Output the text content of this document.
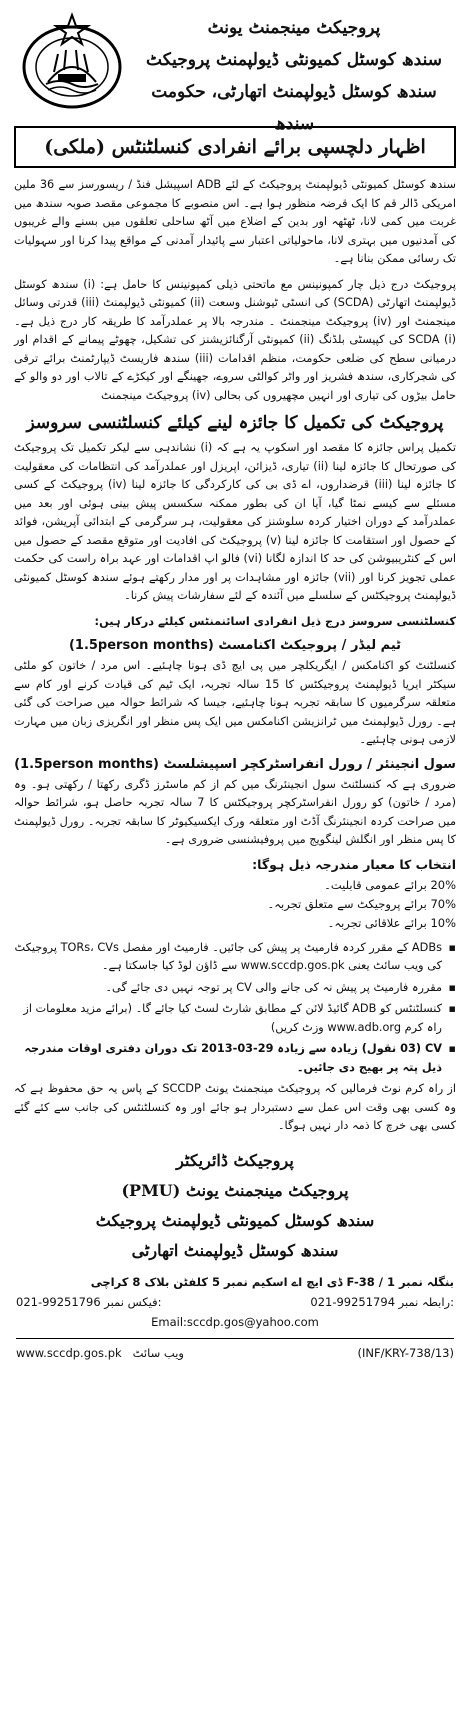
پروجیکٹ مینجمنٹ یونٹ
سندھ کوسٹل کمیونٹی ڈیولپمنٹ پروجیکٹ
سندھ کوسٹل ڈیولپمنٹ اتھارٹی، حکومت سندھ
اظہار دلچسپی برائے انفرادی کنسلٹنٹس (ملکی)
سندھ کوسٹل کمیونٹی ڈیولپمنٹ پروجیکٹ کے لئے ADB اسپیشل فنڈ / ریسورسز سے 36 ملین امریکی ڈالر قم کا ایک قرضہ منظور ہوا ہے۔ اس منصوبے کا مجموعی مقصد صوبہ سندھ میں غربت میں کمی لانا، ٹھٹھہ اور بدین کے اضلاع میں آٹھ ساحلی تعلقوں میں بسنے والے غریبوں کی آمدنیوں میں بہتری لانا، ماحولیاتی اعتبار سے پائیدار آمدنی کے مواقع پیدا کرنا اور سہولیات تک رسائی ممکن بنانا ہے۔
پروجیکٹ درج ذیل چار کمپونینس مع ماتحتی ذیلی کمپونینس کا حامل ہے: (i) سندھ کوسٹل ڈیولپمنٹ اتھارٹی (SCDA) کی انسٹی ٹیوشنل وسعت (ii) کمیونٹی ڈیولپمنٹ (iii) قدرتی وسائل مینجمنٹ اور (iv) پروجیکٹ مینجمنٹ ۔ مندرجہ بالا پر عملدرآمد کا طریقہ کار درج ذیل ہے۔ (i) SCDA کی کپیسٹی بلڈنگ (ii) کمیونٹی آرگنائزیشنز کی تشکیل، چھوٹے پیمانے کے اقدام اور درمیانی سطح کی ضلعی حکومت، منظم اقدامات (iii) سندھ فاریسٹ ڈیپارٹمنٹ برائے ترقی کی شجرکاری، سندھ فشریز اور واٹر کوالٹی سروے، جھینگے اور کیکڑے کے تالاب اور دو والو کے حامل بیڑوں کی تیاری اور انہیں مچھیروں کی بحالی (iv) پروجیکٹ مینجمنٹ
پروجیکٹ کی تکمیل کا جائزہ لینے کیلئے کنسلٹنسی سروسز
تکمیل پراس جائزہ کا مقصد اور اسکوپ یہ ہے کہ (i) نشاندہی سے لیکر تکمیل تک پروجیکٹ کی صورتحال کا جائزہ لینا (ii) تیاری، ڈیزائن، اپریزل اور عملدرآمد کی انتظامات کی معقولیت کا جائزہ لینا (iii) قرضداروں، اے ڈی بی کی کارکردگی کا جائزہ لینا (iv) پروجیکٹ کے کسی مسئلے سے کیسے نمٹا گیا، آیا ان کی بطور ممکنہ سکسس پیش بینی ہوئی اور بعد میں عملدرآمد کے دوران اختیار کردہ سلوشنز کی معقولیت، ہر سرگرمی کے ابتدائی آپریشن، فوائد کے حصول اور استقامت کا جائزہ لینا (v) پروجیکٹ کی افادیت اور متوقع مقصد کے حصول میں اس کے کنٹریبیوشن کی حد کا اندازہ لگانا (vi) فالو اپ اقدامات اور عہد براہ راست کی حکمت عملی تجویز کرنا اور (vii) جائزہ اور مشاہدات پر اور مدار رکھتے ہوئے سندھ کوسٹل کمیونٹی ڈیولپمنٹ پروجیکٹس کے سلسلے میں آئندہ کے لئے سفارشات پیش کرنا۔
کنسلٹنسی سروسز درج ذیل انفرادی اسائنمنٹس کیلئے درکار ہیں:
ٹیم لیڈر / پروجیکٹ اکنامسٹ (1.5person months)
کنسلٹنٹ کو اکنامکس / ایگریکلچر میں پی ایچ ڈی ہونا چاہئیے۔ اس مرد / خاتون کو ملٹی سیکٹر ایریا ڈیولپمنٹ پروجیکٹس کا 15 سالہ تجربہ، ایک ٹیم کی قیادت کرنے اور کام سے متعلقہ سرگرمیوں کا سابقہ تجربہ ہونا چاہئیے، جیسا کہ شرائط حوالہ میں صراحت کی گئی ہے۔ رورل ڈیولپمنٹ میں ٹرانزیشن اکنامکس میں ایک پس منظر اور انگریزی زبان میں مہارت لازمی ہونی چاہئیے۔
سول انجینئر / رورل انفراسٹرکچر اسپیشلسٹ (1.5person months)
ضروری ہے کہ کنسلٹنٹ سول انجینئرنگ میں کم از کم ماسٹرز ڈگری رکھتا / رکھتی ہو۔ وہ (مرد / خاتون) کو رورل انفراسٹرکچر پروجیکٹس کا 7 سالہ تجربہ حاصل ہو، شرائط حوالہ میں صراحت کردہ انجینئرنگ آڈٹ اور متعلقہ ورک ایکسیکیوٹر کا سابقہ تجربہ۔ رورل ڈیولپمنٹ کا پس منظر اور انگلش لینگویج میں پروفیشنسی ضروری ہے۔
انتخاب کا معیار مندرجہ ذیل ہوگا:
20% برائے عمومی قابلیت۔
70% برائے پروجیکٹ سے متعلق تجربہ۔
10% برائے علاقائی تجربہ۔
▪ ADBs کے مقرر کردہ فارمیٹ پر پیش کی جائیں۔ فارمیٹ اور مفصل TORs، CVs پروجیکٹ کی ویب سائٹ یعنی www.sccdp.gos.pk سے ڈاؤن لوڈ کیا جاسکتا ہے۔
▪ مقررہ فارمیٹ پر پیش نہ کی جانے والی CV پر توجہ نہیں دی جائے گی۔
▪ کنسلٹنٹس کو ADB گائیڈ لائن کے مطابق شارٹ لسٹ کیا جائے گا۔ (برائے مزید معلومات از راہ کرم www.adb.org وزٹ کریں)
▪ CV (03 نقول) زیادہ سے زیادہ 29-03-2013 تک دوران دفتری اوقات مندرجہ ذیل پتہ پر بھیج دی جائیں۔
از راہ کرم نوٹ فرمالیں کہ پروجیکٹ مینجمنٹ یونٹ SCCDP کے پاس یہ حق محفوظ ہے کہ وہ کسی بھی وقت اس عمل سے دستبردار ہو جائے اور وہ کنسلٹنٹس کی جانب سے کئے گئے کسی بھی خرچ کا ذمہ دار نہیں ہوگا۔
پروجیکٹ ڈائریکٹر
پروجیکٹ مینجمنٹ یونٹ (PMU)
سندھ کوسٹل کمیونٹی ڈیولپمنٹ پروجیکٹ
سندھ کوسٹل ڈیولپمنٹ اتھارٹی
بنگلہ نمبر 1 / F-38 ڈی ایچ اے اسکیم نمبر 5 کلفٹن بلاک 8 کراچی
021-99251796 فیکس نمبر:	021-99251794 رابطہ نمبر:
Email:sccdp.gos@yahoo.com
www.sccdp.gos.pk ویب سائٹ	(INF/KRY-738/13)
